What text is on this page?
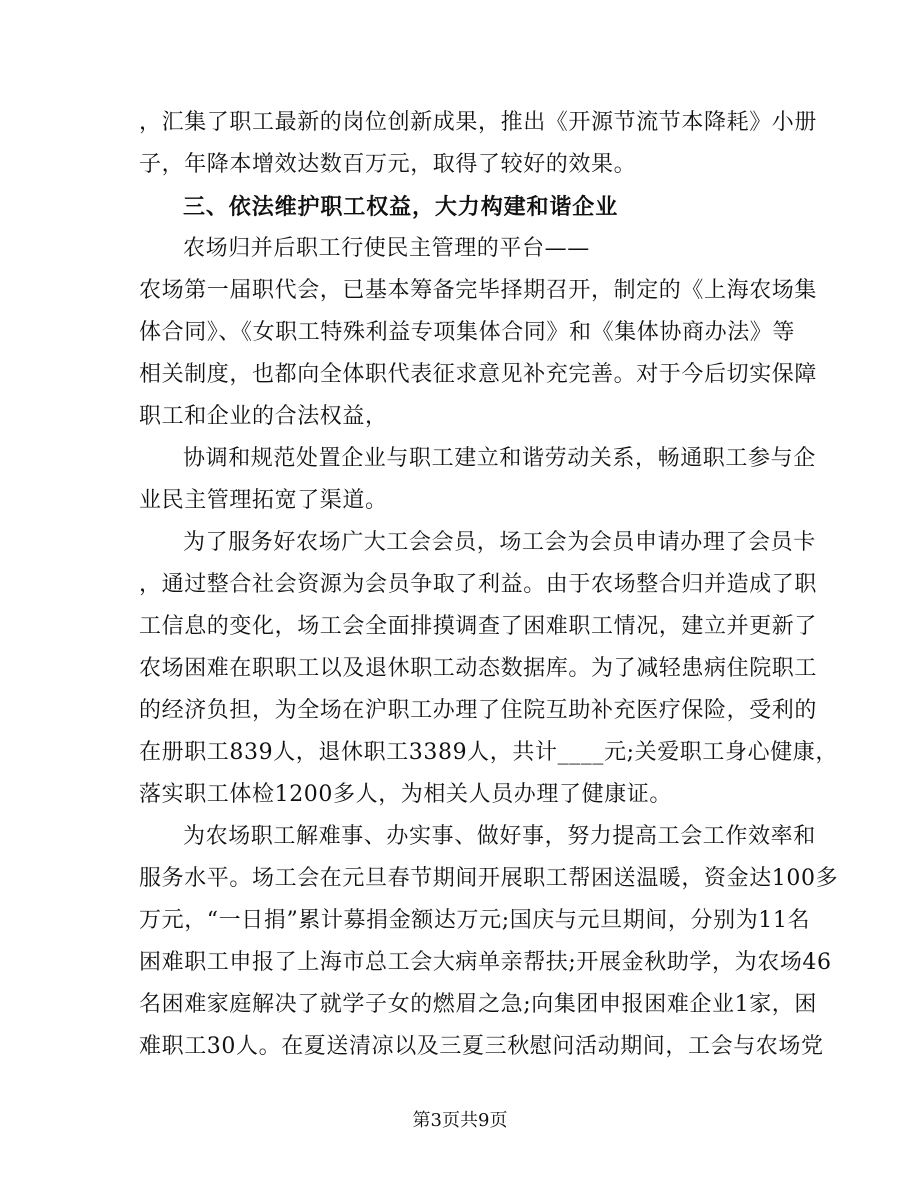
，汇集了职工最新的岗位创新成果，推出《开源节流节本降耗》小册
子，年降本增效达数百万元，取得了较好的效果。
三、依法维护职工权益，大力构建和谐企业
农场归并后职工行使民主管理的平台——
农场第一届职代会，已基本筹备完毕择期召开，制定的《上海农场集
体合同》、《女职工特殊利益专项集体合同》和《集体协商办法》等
相关制度，也都向全体职代表征求意见补充完善。对于今后切实保障
职工和企业的合法权益，
协调和规范处置企业与职工建立和谐劳动关系，畅通职工参与企
业民主管理拓宽了渠道。
为了服务好农场广大工会会员，场工会为会员申请办理了会员卡
，通过整合社会资源为会员争取了利益。由于农场整合归并造成了职
工信息的变化，场工会全面排摸调查了困难职工情况，建立并更新了
农场困难在职职工以及退休职工动态数据库。为了减轻患病住院职工
的经济负担，为全场在沪职工办理了住院互助补充医疗保险，受利的
在册职工839人，退休职工3389人，共计____元;关爱职工身心健康，
落实职工体检1200多人，为相关人员办理了健康证。
为农场职工解难事、办实事、做好事，努力提高工会工作效率和
服务水平。场工会在元旦春节期间开展职工帮困送温暖，资金达100多
万元，“一日捐”累计募捐金额达万元;国庆与元旦期间，分别为11名
困难职工申报了上海市总工会大病单亲帮扶;开展金秋助学，为农场46
名困难家庭解决了就学子女的燃眉之急;向集团申报困难企业1家，困
难职工30人。在夏送清凉以及三夏三秋慰问活动期间，工会与农场党
第3页共9页
